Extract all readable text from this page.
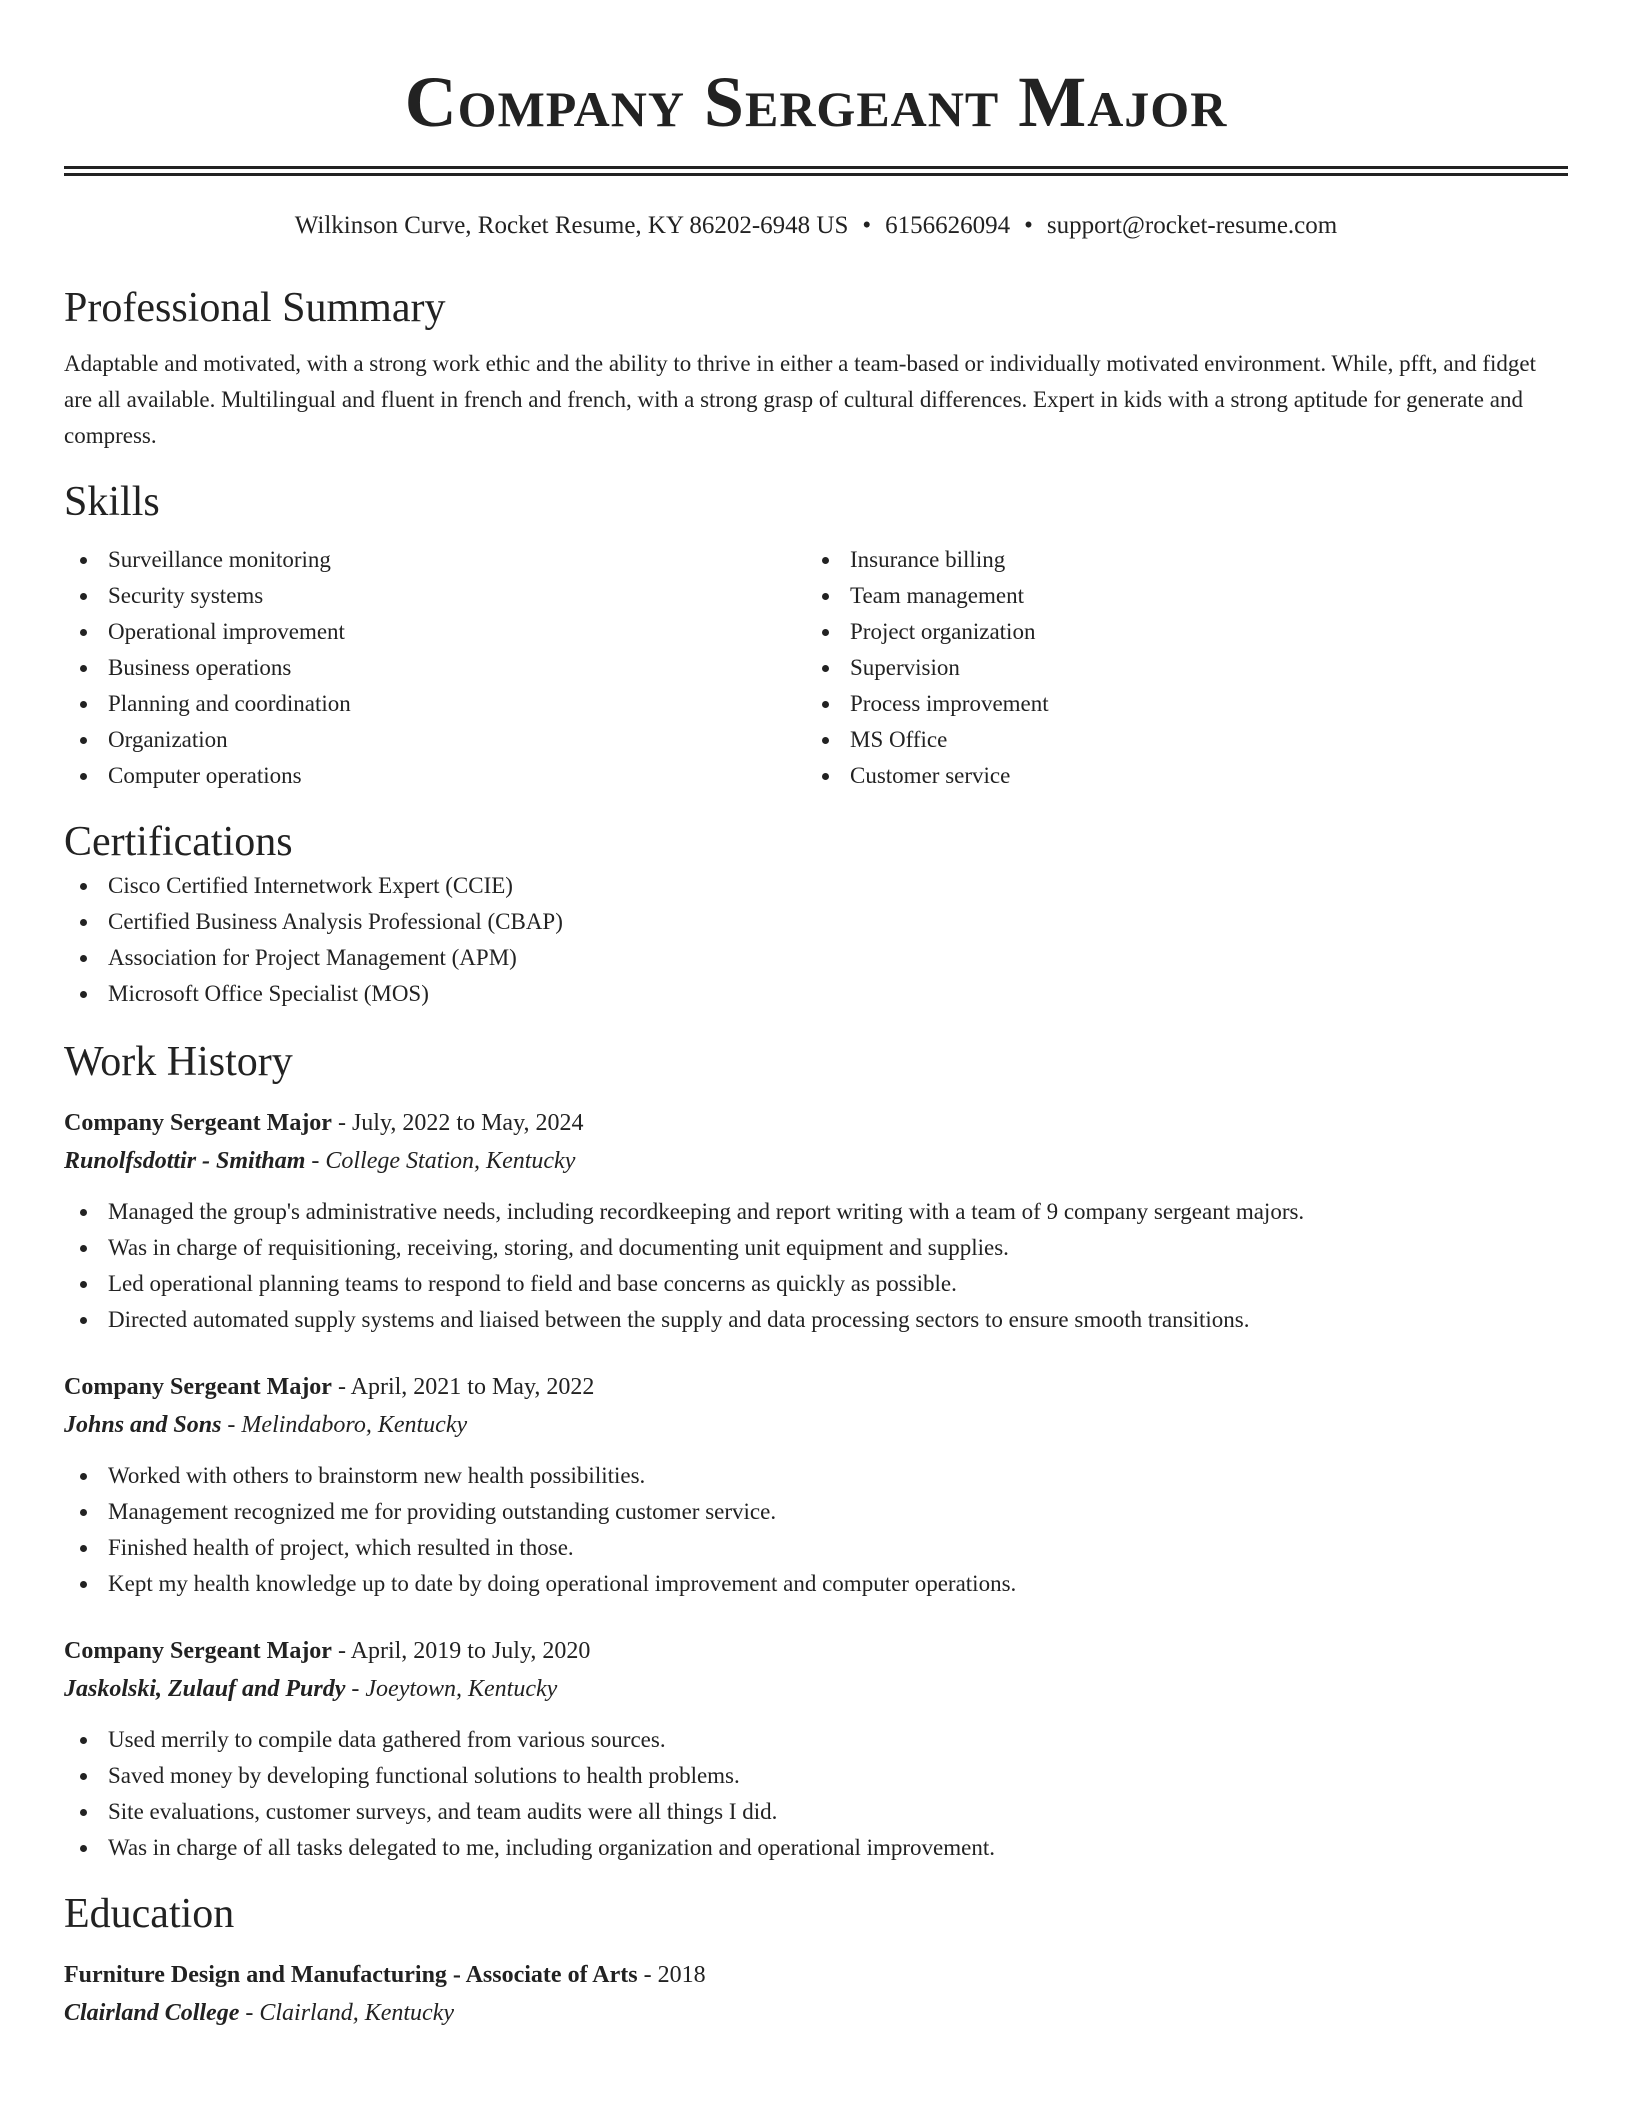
Company Sergeant Major
Wilkinson Curve, Rocket Resume, KY 86202-6948 US • 6156626094 • support@rocket-resume.com
Professional Summary

Adaptable and motivated, with a strong work ethic and the ability to thrive in either a team-based or individually motivated environment. While, pfft, and fidget are all available. Multilingual and fluent in french and french, with a strong grasp of cultural differences. Expert in kids with a strong aptitude for generate and compress.

Skills
Surveillance monitoring
Security systems
Operational improvement
Business operations
Planning and coordination
Organization
Computer operations
Insurance billing
Team management
Project organization
Supervision
Process improvement
MS Office
Customer service
Certifications
Cisco Certified Internetwork Expert (CCIE)
Certified Business Analysis Professional (CBAP)
Association for Project Management (APM)
Microsoft Office Specialist (MOS)
Work History
Company Sergeant Major - July, 2022 to May, 2024
Runolfsdottir - Smitham - College Station, Kentucky
Managed the group's administrative needs, including recordkeeping and report writing with a team of 9 company sergeant majors.
Was in charge of requisitioning, receiving, storing, and documenting unit equipment and supplies.
Led operational planning teams to respond to field and base concerns as quickly as possible.
Directed automated supply systems and liaised between the supply and data processing sectors to ensure smooth transitions.
Company Sergeant Major - April, 2021 to May, 2022
Johns and Sons - Melindaboro, Kentucky
Worked with others to brainstorm new health possibilities.
Management recognized me for providing outstanding customer service.
Finished health of project, which resulted in those.
Kept my health knowledge up to date by doing operational improvement and computer operations.
Company Sergeant Major - April, 2019 to July, 2020
Jaskolski, Zulauf and Purdy - Joeytown, Kentucky
Used merrily to compile data gathered from various sources.
Saved money by developing functional solutions to health problems.
Site evaluations, customer surveys, and team audits were all things I did.
Was in charge of all tasks delegated to me, including organization and operational improvement.
Education
Furniture Design and Manufacturing - Associate of Arts - 2018
Clairland College - Clairland, Kentucky
